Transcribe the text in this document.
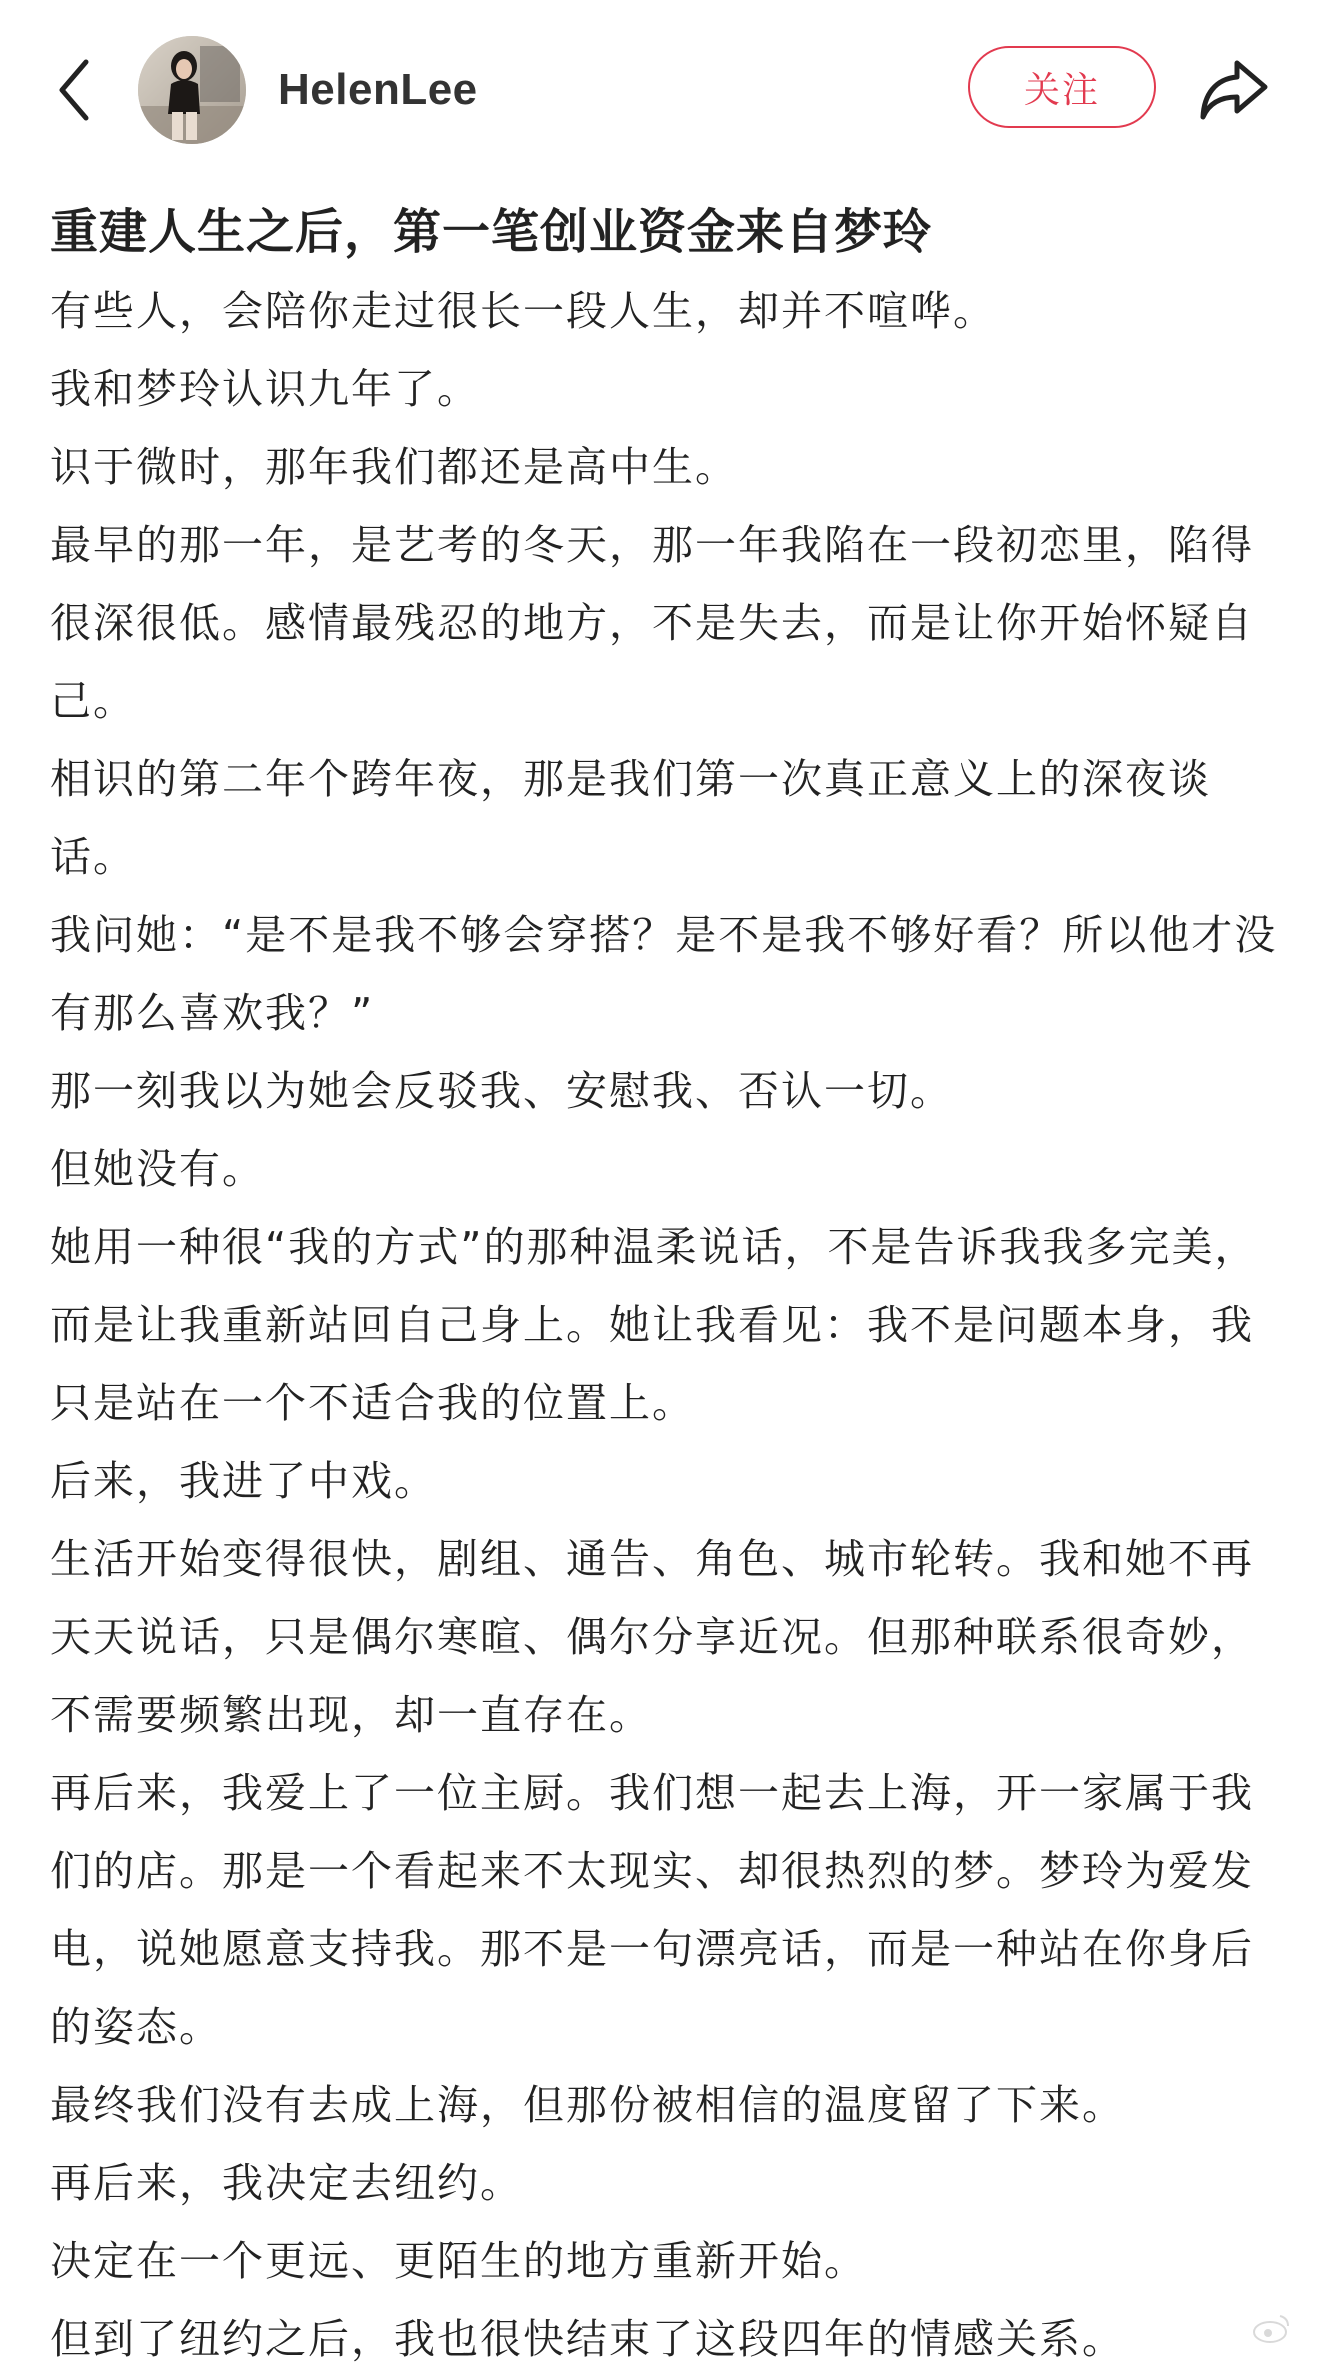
HelenLee	关注
重建人生之后，第一笔创业资金来自梦玲

有些人，会陪你走过很长一段人生，却并不喧哗。

我和梦玲认识九年了。

识于微时，那年我们都还是高中生。

最早的那一年，是艺考的冬天，那一年我陷在一段初恋里，陷得很深很低。感情最残忍的地方，不是失去，而是让你开始怀疑自己。

相识的第二年个跨年夜，那是我们第一次真正意义上的深夜谈话。

我问她：“是不是我不够会穿搭？是不是我不够好看？所以他才没有那么喜欢我？”

那一刻我以为她会反驳我、安慰我、否认一切。

但她没有。

她用一种很“我的方式”的那种温柔说话，不是告诉我我多完美，而是让我重新站回自己身上。她让我看见：我不是问题本身，我只是站在一个不适合我的位置上。

后来，我进了中戏。

生活开始变得很快，剧组、通告、角色、城市轮转。我和她不再天天说话，只是偶尔寒暄、偶尔分享近况。但那种联系很奇妙，不需要频繁出现，却一直存在。

再后来，我爱上了一位主厨。我们想一起去上海，开一家属于我们的店。那是一个看起来不太现实、却很热烈的梦。梦玲为爱发电，说她愿意支持我。那不是一句漂亮话，而是一种站在你身后的姿态。

最终我们没有去成上海，但那份被相信的温度留了下来。

再后来，我决定去纽约。

决定在一个更远、更陌生的地方重新开始。

但到了纽约之后，我也很快结束了这段四年的情感关系。
